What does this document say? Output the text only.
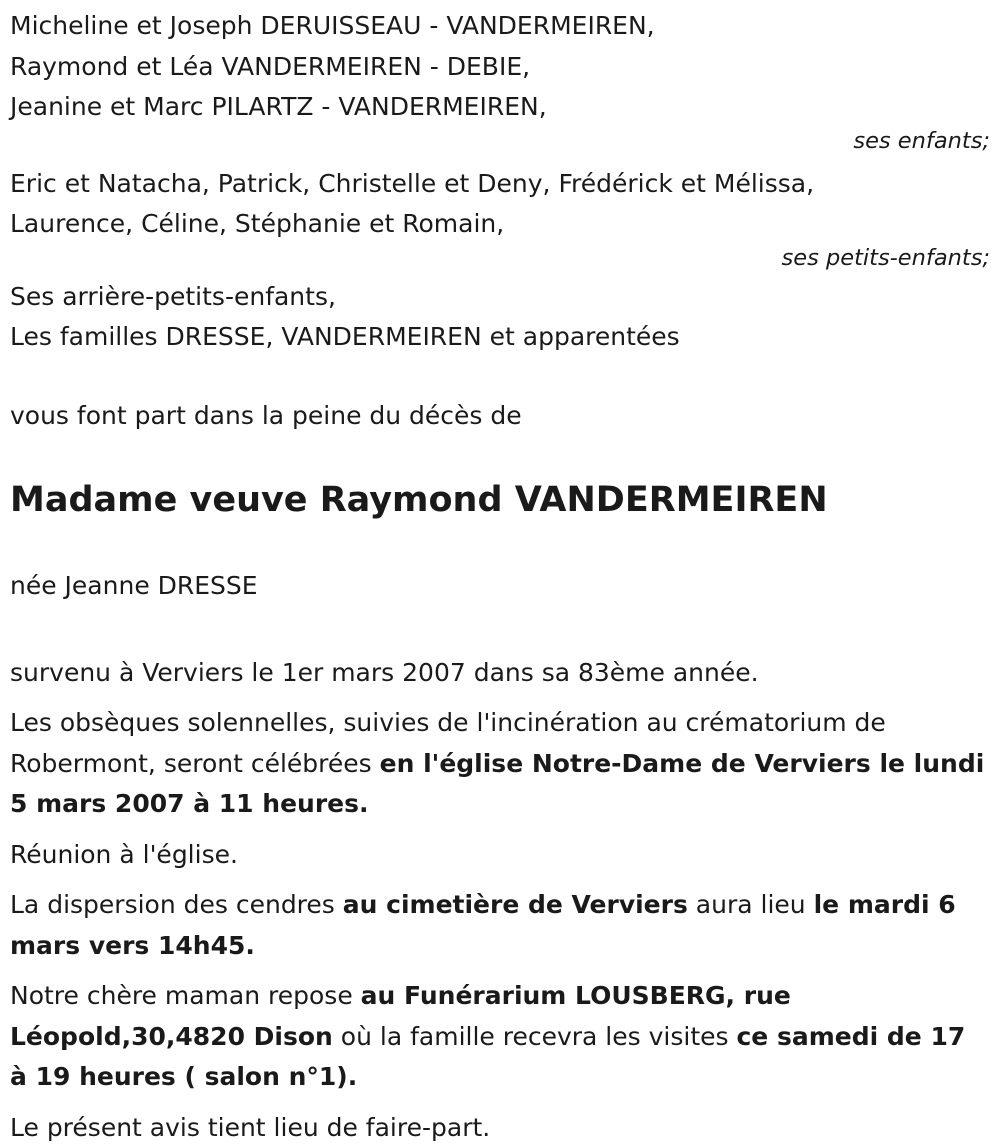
Micheline et Joseph DERUISSEAU - VANDERMEIREN,
Raymond et Léa VANDERMEIREN - DEBIE,
Jeanine et Marc PILARTZ - VANDERMEIREN,
ses enfants;
Eric et Natacha, Patrick, Christelle et Deny, Frédérick et Mélissa,
Laurence, Céline, Stéphanie et Romain,
ses petits-enfants;
Ses arrière-petits-enfants,
Les familles DRESSE, VANDERMEIREN et apparentées
vous font part dans la peine du décès de
Madame veuve Raymond VANDERMEIREN
née Jeanne DRESSE
survenu à Verviers le 1er mars 2007 dans sa 83ème année.
Les obsèques solennelles, suivies de l'incinération au crématorium de Robermont, seront célébrées en l'église Notre-Dame de Verviers le lundi 5 mars 2007 à 11 heures.
Réunion à l'église.
La dispersion des cendres au cimetière de Verviers aura lieu le mardi 6 mars vers 14h45.
Notre chère maman repose au Funérarium LOUSBERG, rue Léopold,30,4820 Dison où la famille recevra les visites ce samedi de 17 à 19 heures ( salon n°1).
Le présent avis tient lieu de faire-part.
